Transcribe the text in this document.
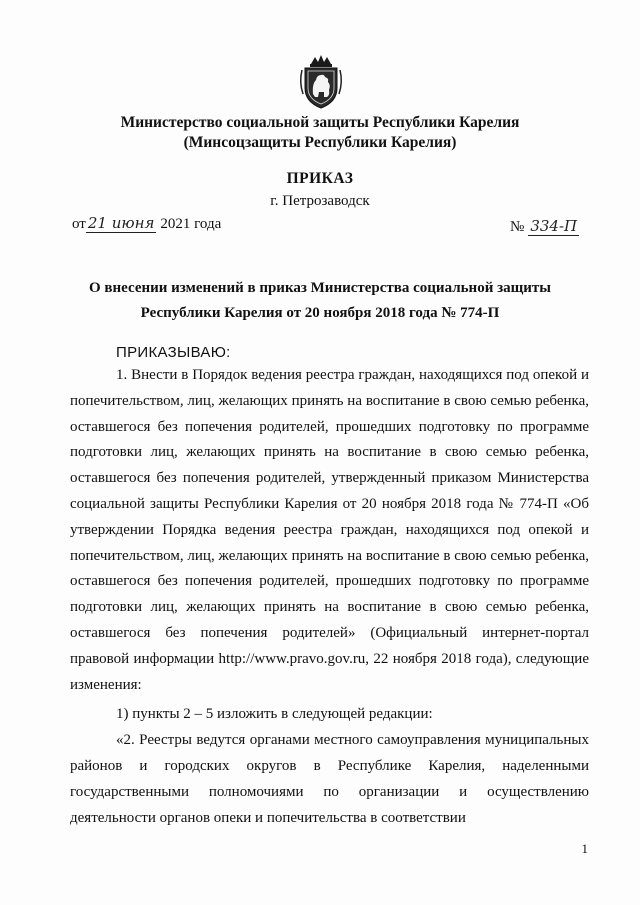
Министерство социальной защиты Республики Карелия
(Минсоцзащиты Республики Карелия)
ПРИКАЗ
г. Петрозаводск
от 21 июня 2021 года	№ 334-П
О внесении изменений в приказ Министерства социальной защиты
Республики Карелия от 20 ноября 2018 года № 774-П
ПРИКАЗЫВАЮ:

1. Внести в Порядок ведения реестра граждан, находящихся под опекой и попечительством, лиц, желающих принять на воспитание в свою семью ребенка, оставшегося без попечения родителей, прошедших подготовку по программе подготовки лиц, желающих принять на воспитание в свою семью ребенка, оставшегося без попечения родителей, утвержденный приказом Министерства социальной защиты Республики Карелия от 20 ноября 2018 года № 774-П «Об утверждении Порядка ведения реестра граждан, находящихся под опекой и попечительством, лиц, желающих принять на воспитание в свою семью ребенка, оставшегося без попечения родителей, прошедших подготовку по программе подготовки лиц, желающих принять на воспитание в свою семью ребенка, оставшегося без попечения родителей» (Официальный интернет-портал правовой информации http://www.pravo.gov.ru, 22 ноября 2018 года), следующие изменения:

1) пункты 2 – 5 изложить в следующей редакции:

«2. Реестры ведутся органами местного самоуправления муниципальных районов и городских округов в Республике Карелия, наделенными государственными полномочиями по организации и осуществлению деятельности органов опеки и попечительства в соответствии

1
